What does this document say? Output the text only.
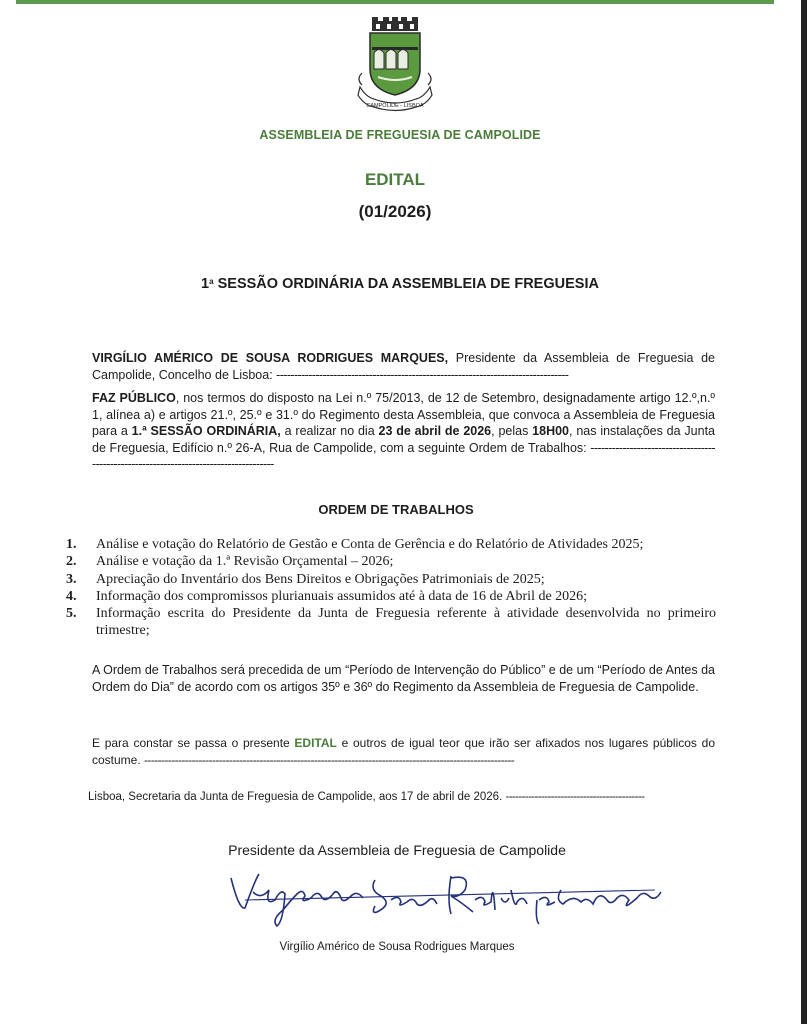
CAMPOLIDE - LISBOA
ASSEMBLEIA DE FREGUESIA DE CAMPOLIDE
EDITAL
(01/2026)
1$^a$ SESSÃO ORDINÁRIA DA ASSEMBLEIA DE FREGUESIA
VIRGÍLIO AMÉRICO DE SOUSA RODRIGUES MARQUES, Presidente da Assembleia de Freguesia de Campolide, Concelho de Lisboa: ----------------------------------------------------------------------------------
FAZ PÚBLICO, nos termos do disposto na Lei n.º 75/2013, de 12 de Setembro, designadamente artigo 12.º,n.º 1, alínea a) e artigos 21.º, 25.º e 31.º do Regimento desta Assembleia, que convoca a Assembleia de Freguesia para a 1.ª SESSÃO ORDINÁRIA, a realizar no dia 23 de abril de 2026, pelas 18H00, nas instalações da Junta de Freguesia, Edifício n.º 26-A, Rua de Campolide, com a seguinte Ordem de Trabalhos: --------------------------------------------------------------------------------------
ORDEM DE TRABALHOS
1. Análise e votação do Relatório de Gestão e Conta de Gerência e do Relatório de Atividades 2025;
2. Análise e votação da 1.ª Revisão Orçamental – 2026;
3. Apreciação do Inventário dos Bens Direitos e Obrigações Patrimoniais de 2025;
4. Informação dos compromissos plurianuais assumidos até à data de 16 de Abril de 2026;
5. Informação escrita do Presidente da Junta de Freguesia referente à atividade desenvolvida no primeiro trimestre;
A Ordem de Trabalhos será precedida de um “Período de Intervenção do Público” e de um “Período de Antes da Ordem do Dia” de acordo com os artigos 35º e 36º do Regimento da Assembleia de Freguesia de Campolide.
E para constar se passa o presente EDITAL e outros de igual teor que irão ser afixados nos lugares públicos do costume. -------------------------------------------------------------------------------------------------------------
Lisboa, Secretaria da Junta de Freguesia de Campolide, aos 17 de abril de 2026. -------------------------------------------
Presidente da Assembleia de Freguesia de Campolide
Virgílio Américo de Sousa Rodrigues Marques
